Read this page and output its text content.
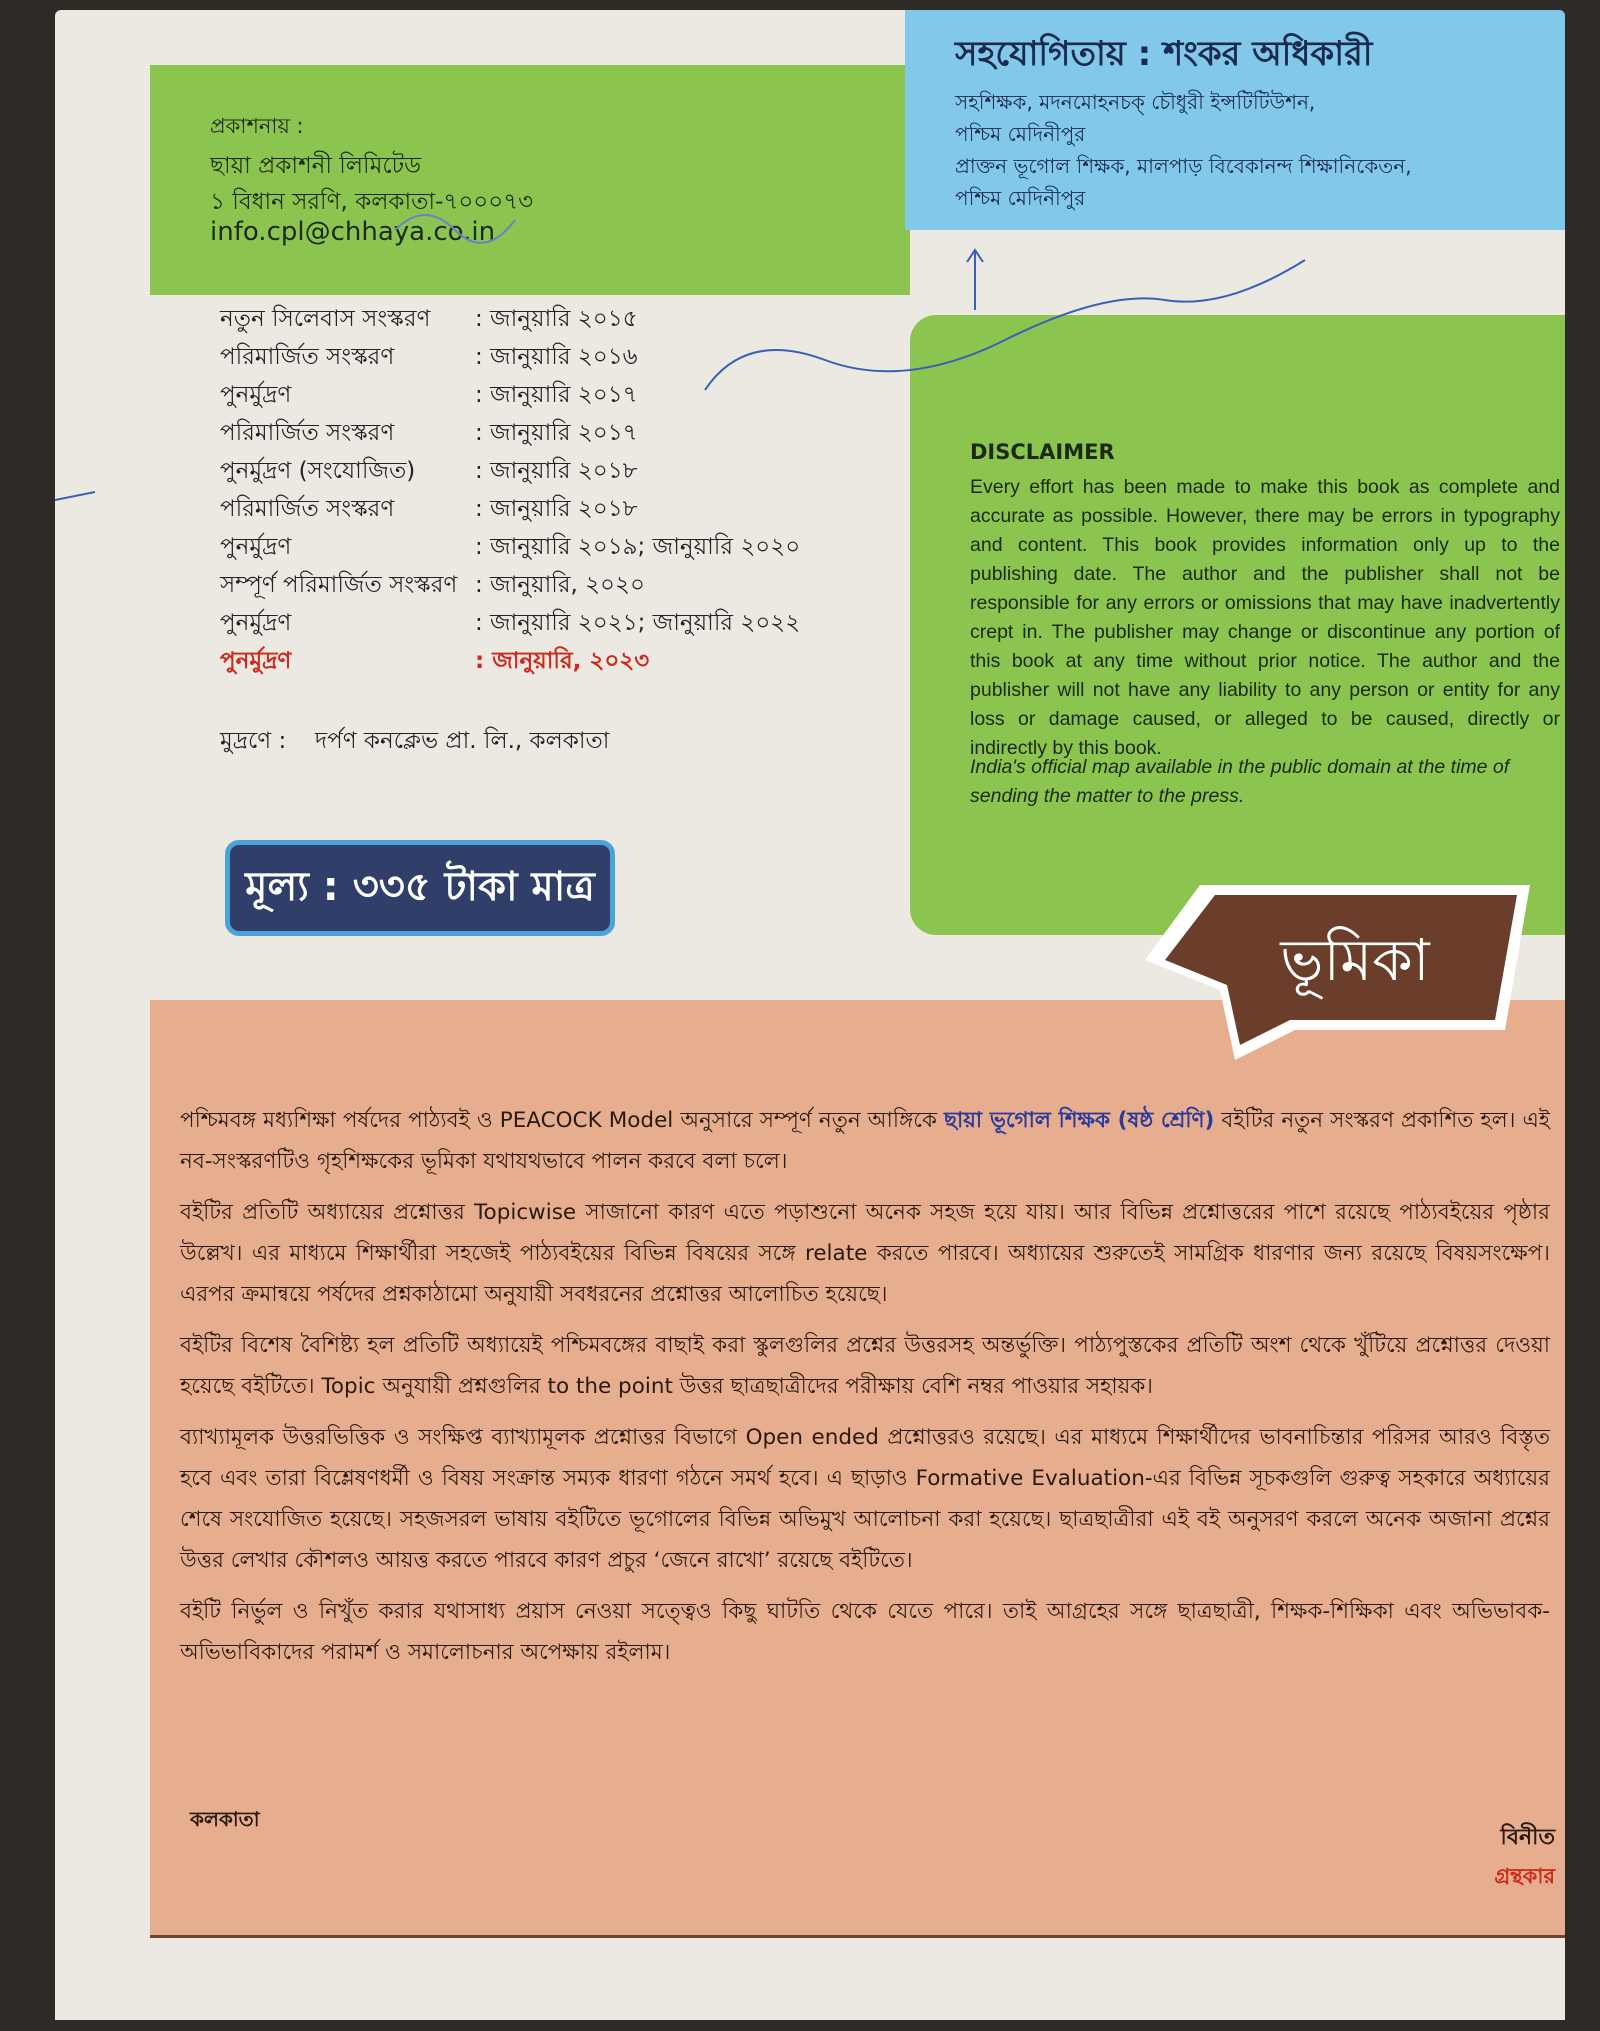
প্রকাশনায় :
ছায়া প্রকাশনী লিমিটেড
১ বিধান সরণি, কলকাতা-৭০০০৭৩
info.cpl@chhaya.co.in
সহযোগিতায় : শংকর অধিকারী
সহশিক্ষক, মদনমোহনচক্ চৌধুরী ইন্সটিটিউশন,
পশ্চিম মেদিনীপুর
প্রাক্তন ভূগোল শিক্ষক, মালপাড় বিবেকানন্দ শিক্ষানিকেতন,
পশ্চিম মেদিনীপুর
নতুন সিলেবাস সংস্করণ : জানুয়ারি ২০১৫
পরিমার্জিত সংস্করণ	: জানুয়ারি ২০১৬
পুনর্মুদ্রণ	: জানুয়ারি ২০১৭
পরিমার্জিত সংস্করণ	: জানুয়ারি ২০১৭
পুনর্মুদ্রণ (সংযোজিত)	: জানুয়ারি ২০১৮
পরিমার্জিত সংস্করণ	: জানুয়ারি ২০১৮
পুনর্মুদ্রণ	: জানুয়ারি ২০১৯; জানুয়ারি ২০২০
সম্পূর্ণ পরিমার্জিত সংস্করণ : জানুয়ারি, ২০২০
পুনর্মুদ্রণ	: জানুয়ারি ২০২১; জানুয়ারি ২০২২
পুনর্মুদ্রণ	: জানুয়ারি, ২০২৩
মুদ্রণে : দর্পণ কনক্লেভ প্রা. লি., কলকাতা
মূল্য : ৩৩৫ টাকা মাত্র
DISCLAIMER
Every effort has been made to make this book as complete and accurate as possible. However, there may be errors in typography and content. This book provides information only up to the publishing date. The author and the publisher shall not be responsible for any errors or omissions that may have inadvertently crept in. The publisher may change or discontinue any portion of this book at any time without prior notice. The author and the publisher will not have any liability to any person or entity for any loss or damage caused, or alleged to be caused, directly or indirectly by this book.
India's official map available in the public domain at the time of sending the matter to the press.
ভূমিকা

পশ্চিমবঙ্গ মধ্যশিক্ষা পর্ষদের পাঠ্যবই ও PEACOCK Model অনুসারে সম্পূর্ণ নতুন আঙ্গিকে ছায়া ভূগোল শিক্ষক (ষষ্ঠ শ্রেণি) বইটির নতুন সংস্করণ প্রকাশিত হল। এই নব-সংস্করণটিও গৃহশিক্ষকের ভূমিকা যথাযথভাবে পালন করবে বলা চলে।

বইটির প্রতিটি অধ্যায়ের প্রশ্নোত্তর Topicwise সাজানো কারণ এতে পড়াশুনো অনেক সহজ হয়ে যায়। আর বিভিন্ন প্রশ্নোত্তরের পাশে রয়েছে পাঠ্যবইয়ের পৃষ্ঠার উল্লেখ। এর মাধ্যমে শিক্ষার্থীরা সহজেই পাঠ্যবইয়ের বিভিন্ন বিষয়ের সঙ্গে relate করতে পারবে। অধ্যায়ের শুরুতেই সামগ্রিক ধারণার জন্য রয়েছে বিষয়সংক্ষেপ। এরপর ক্রমান্বয়ে পর্ষদের প্রশ্নকাঠামো অনুযায়ী সবধরনের প্রশ্নোত্তর আলোচিত হয়েছে।

বইটির বিশেষ বৈশিষ্ট্য হল প্রতিটি অধ্যায়েই পশ্চিমবঙ্গের বাছাই করা স্কুলগুলির প্রশ্নের উত্তরসহ অন্তর্ভুক্তি। পাঠ্যপুস্তকের প্রতিটি অংশ থেকে খুঁটিয়ে প্রশ্নোত্তর দেওয়া হয়েছে বইটিতে। Topic অনুযায়ী প্রশ্নগুলির to the point উত্তর ছাত্রছাত্রীদের পরীক্ষায় বেশি নম্বর পাওয়ার সহায়ক।

ব্যাখ্যামূলক উত্তরভিত্তিক ও সংক্ষিপ্ত ব্যাখ্যামূলক প্রশ্নোত্তর বিভাগে Open ended প্রশ্নোত্তরও রয়েছে। এর মাধ্যমে শিক্ষার্থীদের ভাবনাচিন্তার পরিসর আরও বিস্তৃত হবে এবং তারা বিশ্লেষণধর্মী ও বিষয় সংক্রান্ত সম্যক ধারণা গঠনে সমর্থ হবে। এ ছাড়াও Formative Evaluation-এর বিভিন্ন সূচকগুলি গুরুত্ব সহকারে অধ্যায়ের শেষে সংযোজিত হয়েছে। সহজসরল ভাষায় বইটিতে ভূগোলের বিভিন্ন অভিমুখ আলোচনা করা হয়েছে। ছাত্রছাত্রীরা এই বই অনুসরণ করলে অনেক অজানা প্রশ্নের উত্তর লেখার কৌশলও আয়ত্ত করতে পারবে কারণ প্রচুর ‘জেনে রাখো’ রয়েছে বইটিতে।

বইটি নির্ভুল ও নিখুঁত করার যথাসাধ্য প্রয়াস নেওয়া সত্ত্বেও কিছু ঘাটতি থেকে যেতে পারে। তাই আগ্রহের সঙ্গে ছাত্রছাত্রী, শিক্ষক-শিক্ষিকা এবং অভিভাবক-অভিভাবিকাদের পরামর্শ ও সমালোচনার অপেক্ষায় রইলাম।

কলকাতা
বিনীত
গ্রন্থকার
